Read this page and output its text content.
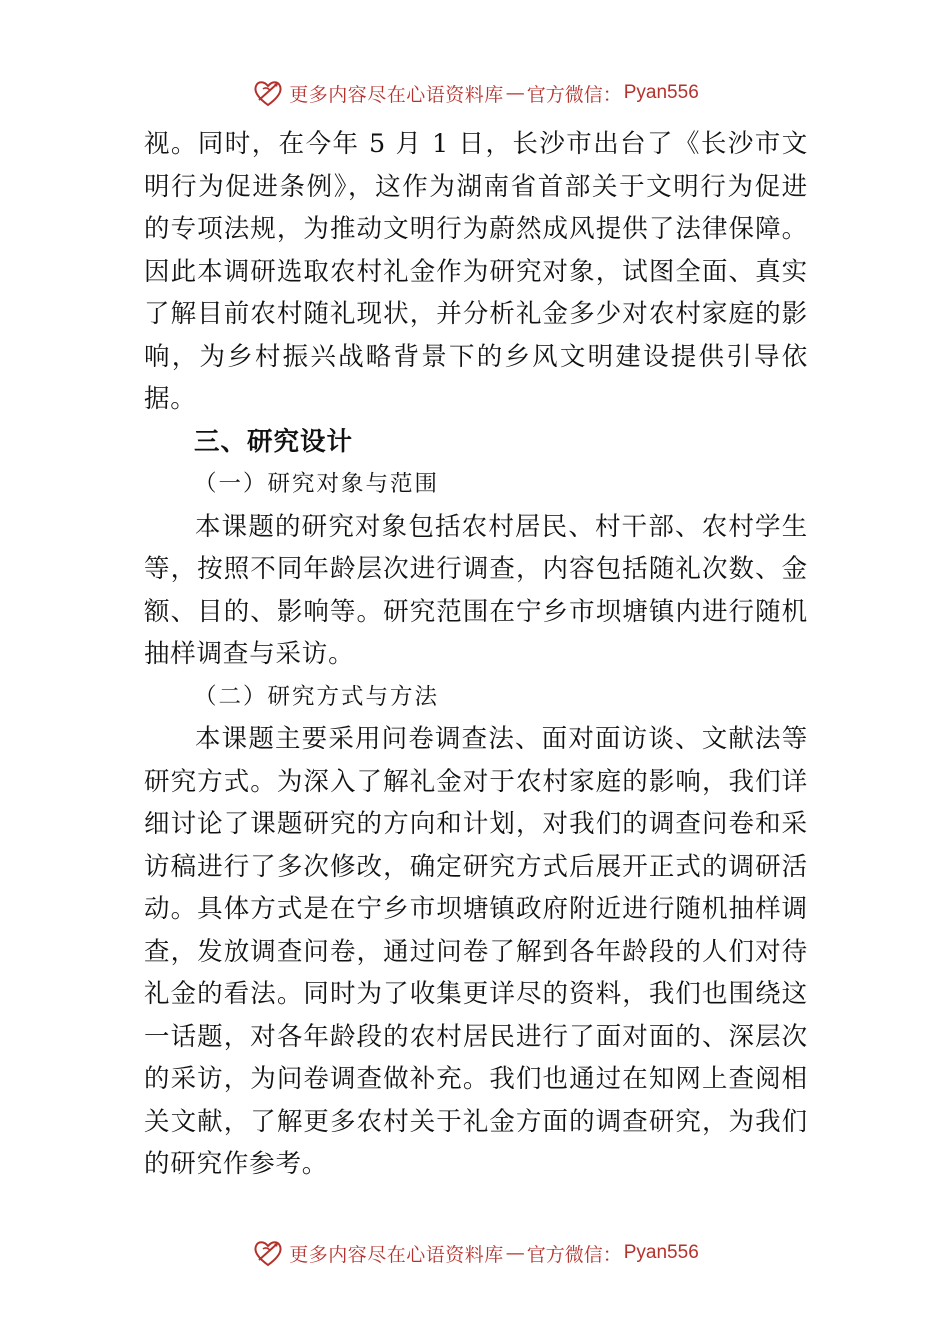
更多内容尽在心语资料库 — 官方微信： Pyan556

视。同时，在今年 5 月 1 日，长沙市出台了《长沙市文明行为促进条例》，这作为湖南省首部关于文明行为促进的专项法规，为推动文明行为蔚然成风提供了法律保障。因此本调研选取农村礼金作为研究对象，试图全面、真实了解目前农村随礼现状，并分析礼金多少对农村家庭的影响，为乡村振兴战略背景下的乡风文明建设提供引导依据。

三、研究设计
（一）研究对象与范围

本课题的研究对象包括农村居民、村干部、农村学生等，按照不同年龄层次进行调查，内容包括随礼次数、金额、目的、影响等。研究范围在宁乡市坝塘镇内进行随机抽样调查与采访。

（二）研究方式与方法

本课题主要采用问卷调查法、面对面访谈、文献法等研究方式。为深入了解礼金对于农村家庭的影响，我们详细讨论了课题研究的方向和计划，对我们的调查问卷和采访稿进行了多次修改，确定研究方式后展开正式的调研活动。具体方式是在宁乡市坝塘镇政府附近进行随机抽样调查，发放调查问卷，通过问卷了解到各年龄段的人们对待礼金的看法。同时为了收集更详尽的资料，我们也围绕这一话题，对各年龄段的农村居民进行了面对面的、深层次的采访，为问卷调查做补充。我们也通过在知网上查阅相关文献，了解更多农村关于礼金方面的调查研究，为我们的研究作参考。

更多内容尽在心语资料库 — 官方微信： Pyan556
